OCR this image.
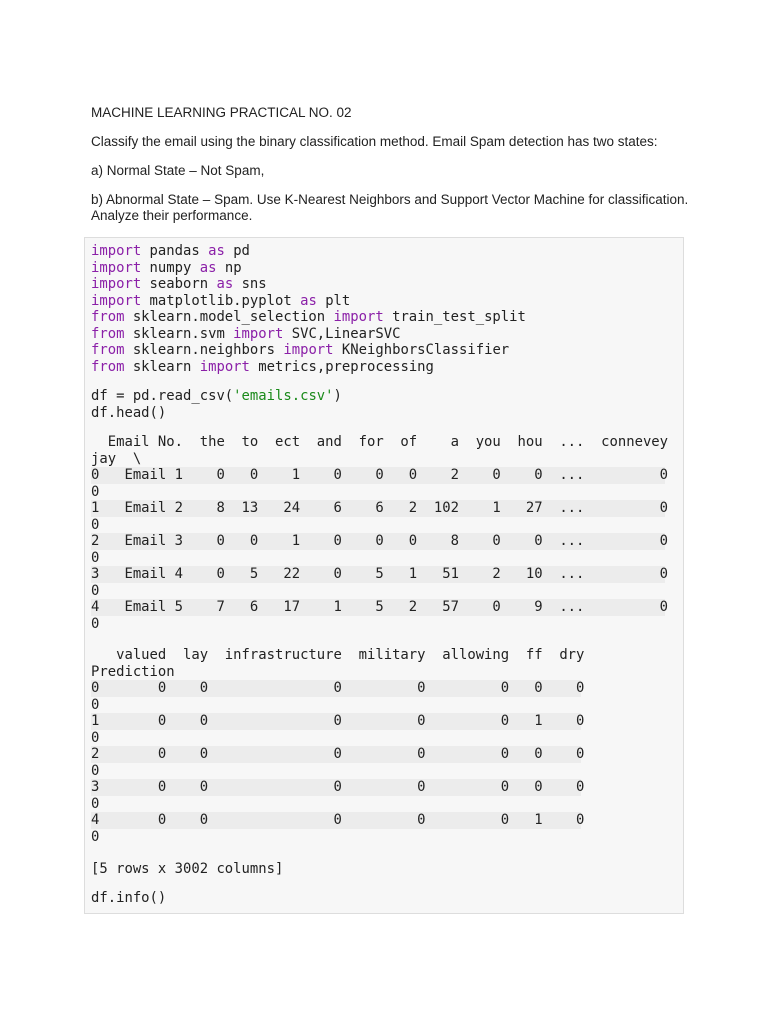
MACHINE LEARNING PRACTICAL NO. 02
Classify the email using the binary classification method. Email Spam detection has two states:
a) Normal State – Not Spam,
b) Abnormal State – Spam. Use K-Nearest Neighbors and Support Vector Machine for classification. Analyze their performance.
import pandas as pd
import numpy as np
import seaborn as sns
import matplotlib.pyplot as plt
from sklearn.model_selection import train_test_split
from sklearn.svm import SVC,LinearSVC
from sklearn.neighbors import KNeighborsClassifier
from sklearn import metrics,preprocessing
df = pd.read_csv('emails.csv')
df.head()
Email No.  the  to  ect  and  for  of    a  you  hou  ...  connevey
jay  \
0   Email 1    0   0    1    0    0   0    2    0    0  ...         0
0
1   Email 2    8  13   24    6    6   2  102    1   27  ...         0
0
2   Email 3    0   0    1    0    0   0    8    0    0  ...         0
0
3   Email 4    0   5   22    0    5   1   51    2   10  ...         0
0
4   Email 5    7   6   17    1    5   2   57    0    9  ...         0
0
valued  lay  infrastructure  military  allowing  ff  dry
Prediction
0       0    0               0         0         0   0    0
0
1       0    0               0         0         0   1    0
0
2       0    0               0         0         0   0    0
0
3       0    0               0         0         0   0    0
0
4       0    0               0         0         0   1    0
0
[5 rows x 3002 columns]
df.info()
